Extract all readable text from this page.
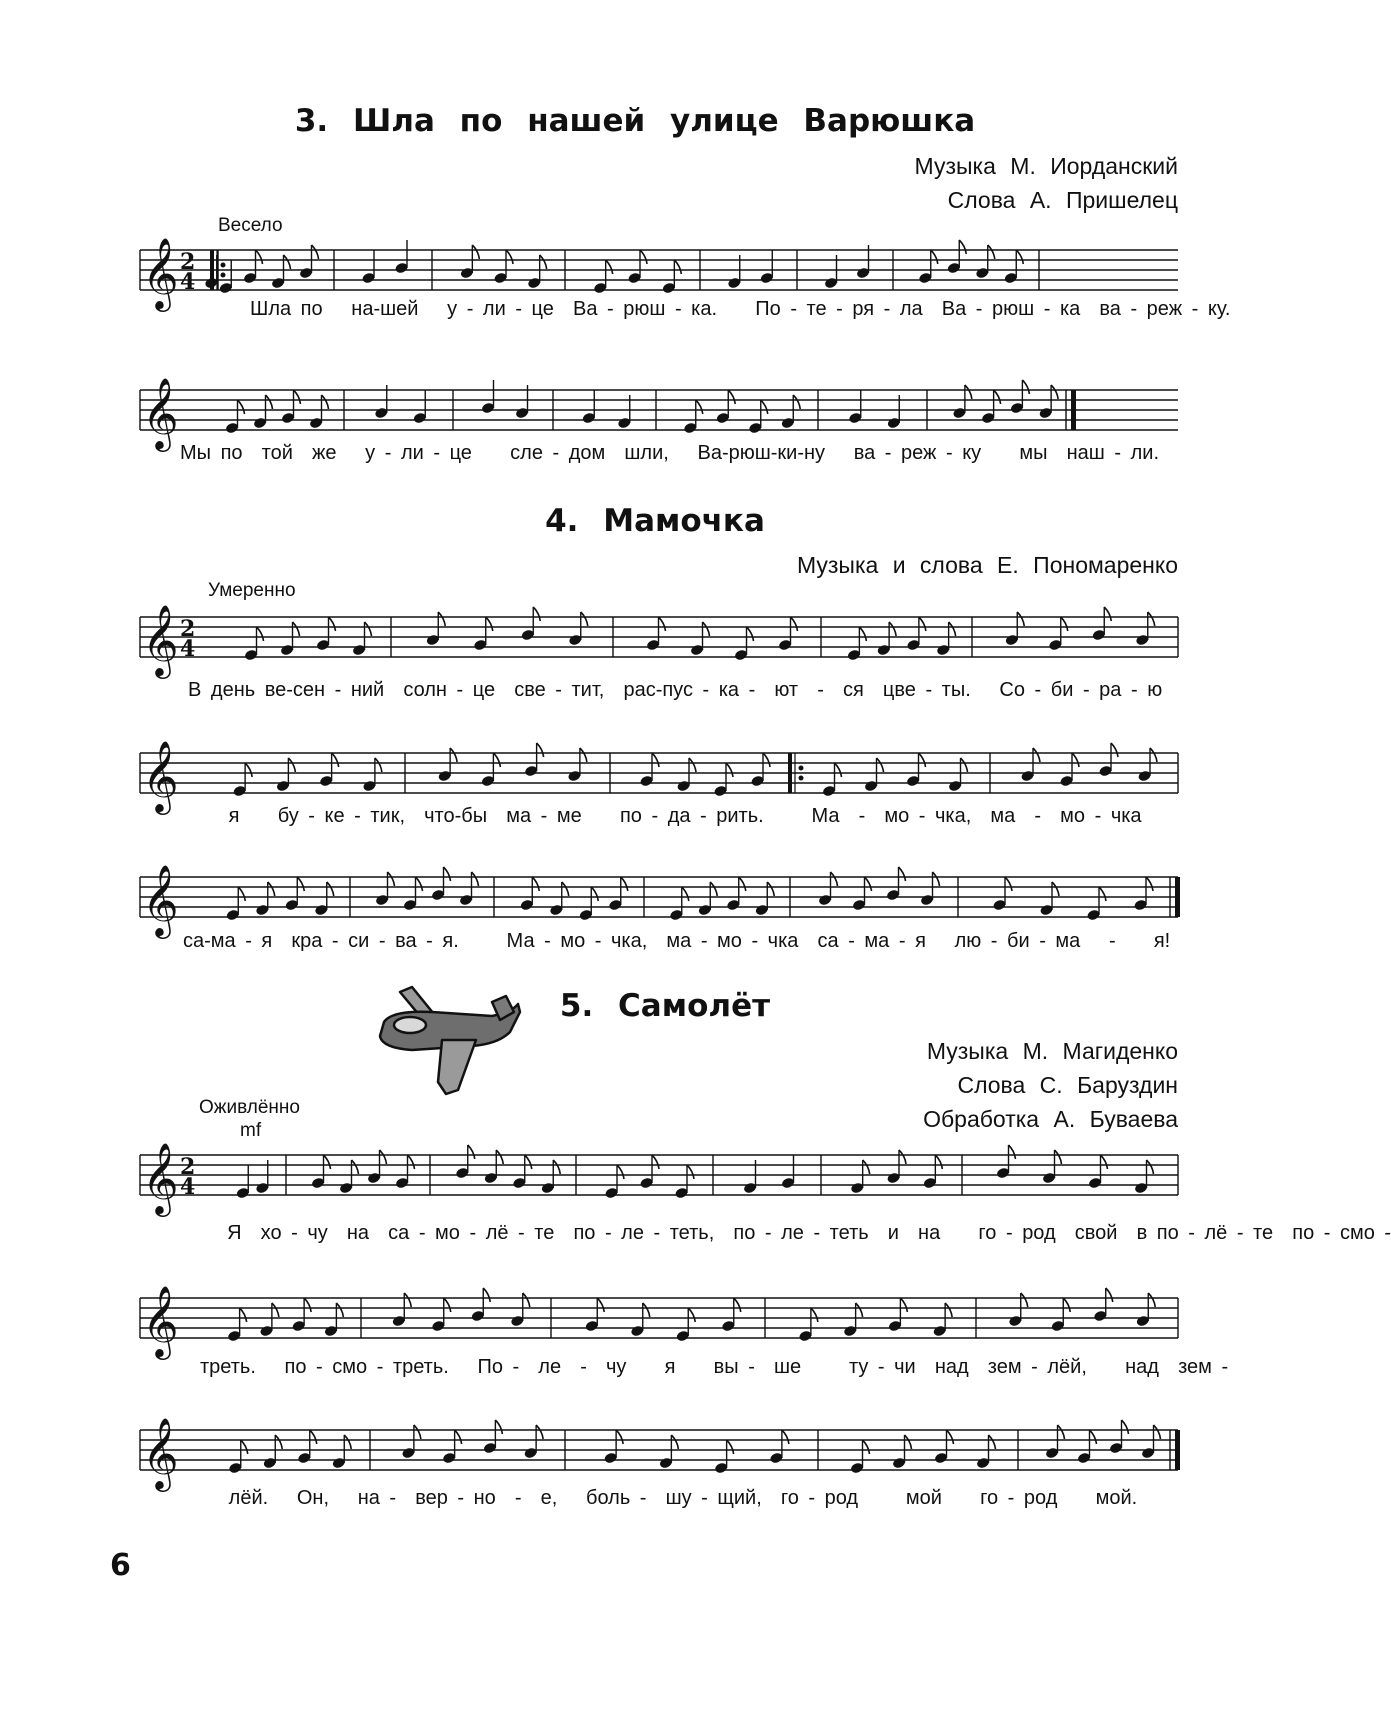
3. Шла по нашей улице Варюшка
Музыка М. Иорданский
Слова А. Пришелец
Весело
𝄞 2
4
Шла по   на-шей   у - ли - це  Ва - рюш - ка.    По - те - ря - ла  Ва - рюш - ка  ва - реж - ку.
𝄞
Мы по  той  же   у - ли - це    сле - дом  шли,   Ва-рюш-ки-ну   ва - реж - ку    мы  наш - ли.
4. Мамочка
Музыка и слова Е. Пономаренко
Умеренно
𝄞 2
4
В день ве-сен - ний  солн - це  све - тит,  рас-пус - ка -  ют  -  ся  цве - ты.   Со - би - ра - ю
𝄞
я    бу - ке - тик,  что-бы  ма - ме    по - да - рить.     Ма  -  мо - чка,  ма  -  мо - чка
𝄞
са-ма - я  кра - си - ва - я.     Ма - мо - чка,  ма - мо - чка  са - ма - я   лю - би - ма   -    я!
5. Самолёт
Музыка М. Магиденко
Слова С. Баруздин
Обработка А. Буваева
Оживлённо
mf
𝄞 2
4
Я  хо - чу  на  са - мо - лё - те  по - ле - теть,  по - ле - теть  и  на    го - род  свой  в по - лё - те  по - смо -
𝄞
треть.   по - смо - треть.   По -  ле  -  чу    я    вы -  ше     ту - чи  над  зем - лёй,    над  зем -
𝄞
лёй.   Он,   на -  вер - но  -  е,   боль -  шу - щий,  го - род     мой    го - род    мой.
6
